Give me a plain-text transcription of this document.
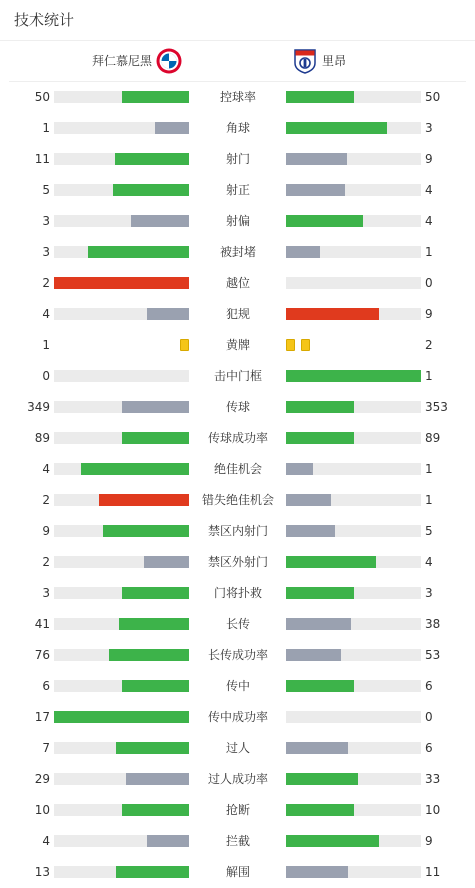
技术统计
拜仁慕尼黑	里昂
50	控球率	50
1	角球	3
11	射门	9
5	射正	4
3	射偏	4
3	被封堵	1
2	越位	0
4	犯规	9
1	黄牌	2
0	击中门框	1
349	传球	353
89	传球成功率	89
4	绝佳机会	1
2	错失绝佳机会	1
9	禁区内射门	5
2	禁区外射门	4
3	门将扑救	3
41	长传	38
76	长传成功率	53
6	传中	6
17	传中成功率	0
7	过人	6
29	过人成功率	33
10	抢断	10
4	拦截	9
13	解围	11
